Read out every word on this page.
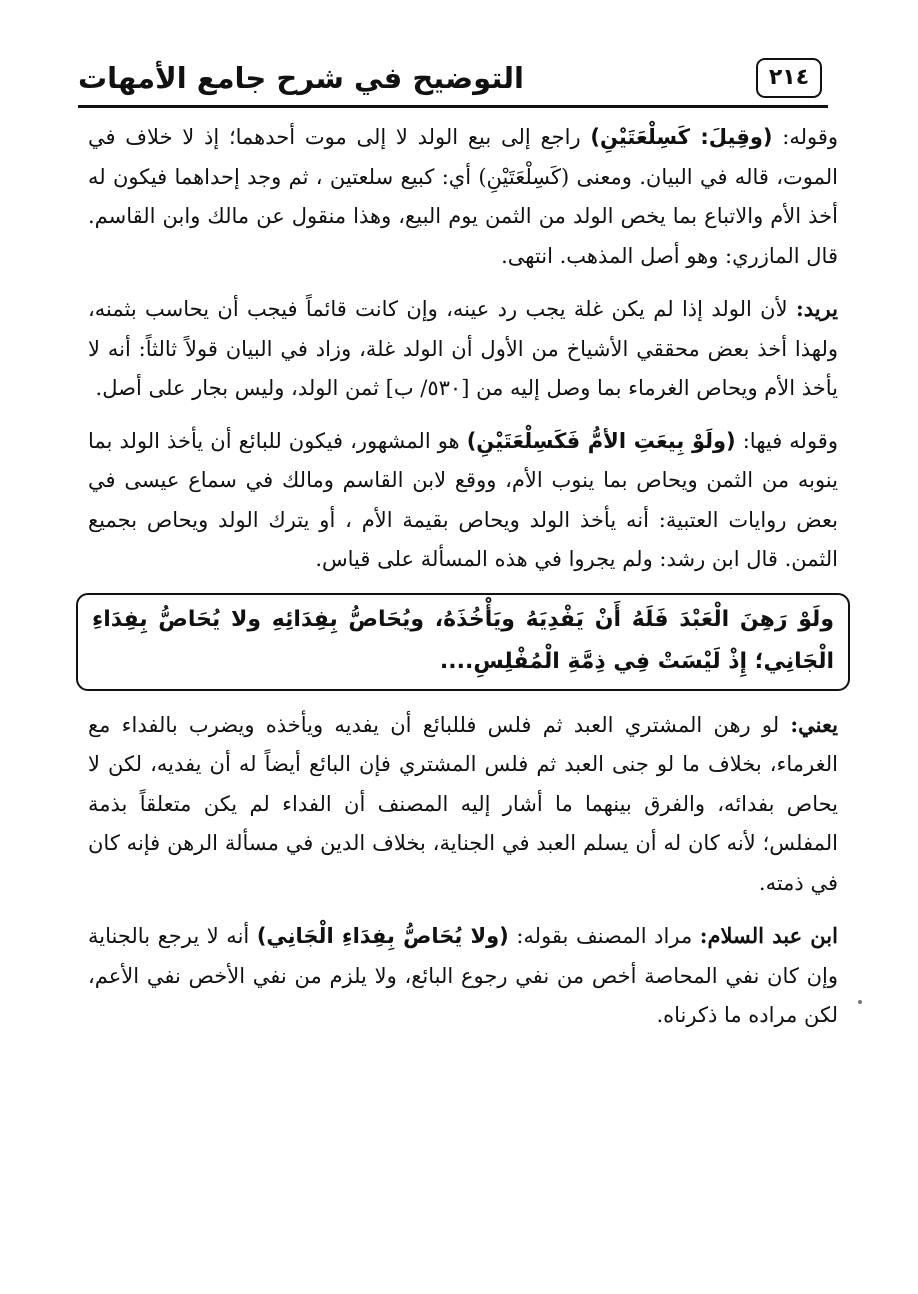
التوضيح في شرح جامع الأمهات	٢١٤

وقوله: (وقِيلَ: كَسِلْعَتَيْنِ) راجع إلى بيع الولد لا إلى موت أحدهما؛ إذ لا خلاف في الموت، قاله في البيان. ومعنى (كَسِلْعَتَيْنِ) أي: كبيع سلعتين ، ثم وجد إحداهما فيكون له أخذ الأم والاتباع بما يخص الولد من الثمن يوم البيع، وهذا منقول عن مالك وابن القاسم. قال المازري: وهو أصل المذهب. انتهى.

يريد: لأن الولد إذا لم يكن غلة يجب رد عينه، وإن كانت قائماً فيجب أن يحاسب بثمنه، ولهذا أخذ بعض محققي الأشياخ من الأول أن الولد غلة، وزاد في البيان قولاً ثالثاً: أنه لا يأخذ الأم ويحاص الغرماء بما وصل إليه من [٥٣٠/ ب] ثمن الولد، وليس بجار على أصل.

وقوله فيها: (ولَوْ بِيعَتِ الأمُّ فَكَسِلْعَتَيْنِ) هو المشهور، فيكون للبائع أن يأخذ الولد بما ينوبه من الثمن ويحاص بما ينوب الأم، ووقع لابن القاسم ومالك في سماع عيسى في بعض روايات العتبية: أنه يأخذ الولد ويحاص بقيمة الأم ، أو يترك الولد ويحاص بجميع الثمن. قال ابن رشد: ولم يجروا في هذه المسألة على قياس.

ولَوْ رَهِنَ الْعَبْدَ فَلَهُ أَنْ يَفْدِيَهُ ويَأْخُذَهُ، ويُحَاصُّ بِفِدَائِهِ ولا يُحَاصُّ بِفِدَاءِ الْجَانِي؛ إِذْ لَيْسَتْ فِي ذِمَّةِ الْمُفْلِسِ....

يعني: لو رهن المشتري العبد ثم فلس فللبائع أن يفديه ويأخذه ويضرب بالفداء مع الغرماء، بخلاف ما لو جنى العبد ثم فلس المشتري فإن البائع أيضاً له أن يفديه، لكن لا يحاص بفدائه، والفرق بينهما ما أشار إليه المصنف أن الفداء لم يكن متعلقاً بذمة المفلس؛ لأنه كان له أن يسلم العبد في الجناية، بخلاف الدين في مسألة الرهن فإنه كان في ذمته.

ابن عبد السلام: مراد المصنف بقوله: (ولا يُحَاصُّ بِفِدَاءِ الْجَانِي) أنه لا يرجع بالجناية وإن كان نفي المحاصة أخص من نفي رجوع البائع، ولا يلزم من نفي الأخص نفي الأعم، لكن مراده ما ذكرناه.
